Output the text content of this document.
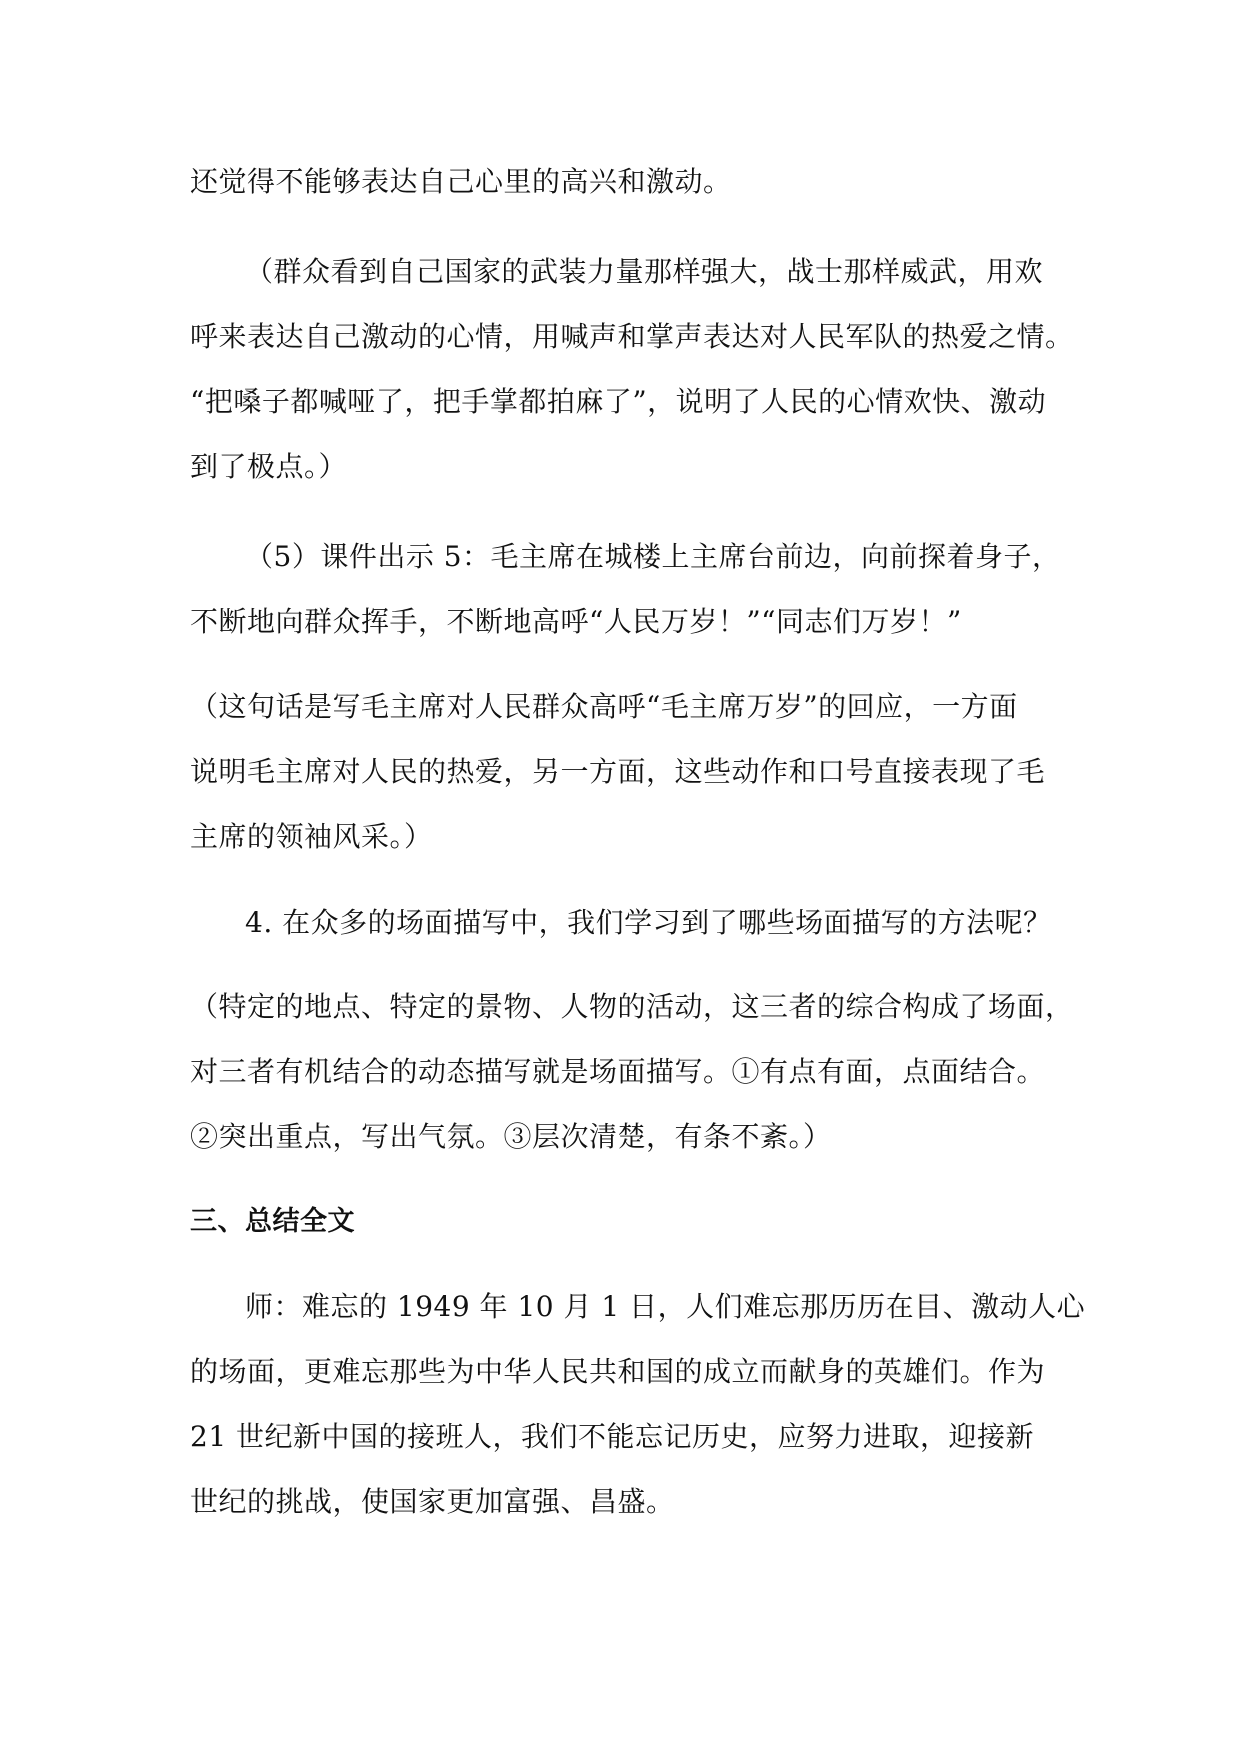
还觉得不能够表达自己心里的高兴和激动。
（群众看到自己国家的武装力量那样强大，战士那样威武，用欢
呼来表达自己激动的心情，用喊声和掌声表达对人民军队的热爱之情。
“把嗓子都喊哑了，把手掌都拍麻了”，说明了人民的心情欢快、激动
到了极点。）
（5）课件出示 5：毛主席在城楼上主席台前边，向前探着身子，
不断地向群众挥手，不断地高呼“人民万岁！”“同志们万岁！”
（这句话是写毛主席对人民群众高呼“毛主席万岁”的回应，一方面
说明毛主席对人民的热爱，另一方面，这些动作和口号直接表现了毛
主席的领袖风采。）
4. 在众多的场面描写中，我们学习到了哪些场面描写的方法呢？
（特定的地点、特定的景物、人物的活动，这三者的综合构成了场面，
对三者有机结合的动态描写就是场面描写。①有点有面，点面结合。
②突出重点，写出气氛。③层次清楚，有条不紊。）
三、总结全文
师：难忘的 1949 年 10 月 1 日，人们难忘那历历在目、激动人心
的场面，更难忘那些为中华人民共和国的成立而献身的英雄们。作为
21 世纪新中国的接班人，我们不能忘记历史，应努力进取，迎接新
世纪的挑战，使国家更加富强、昌盛。
